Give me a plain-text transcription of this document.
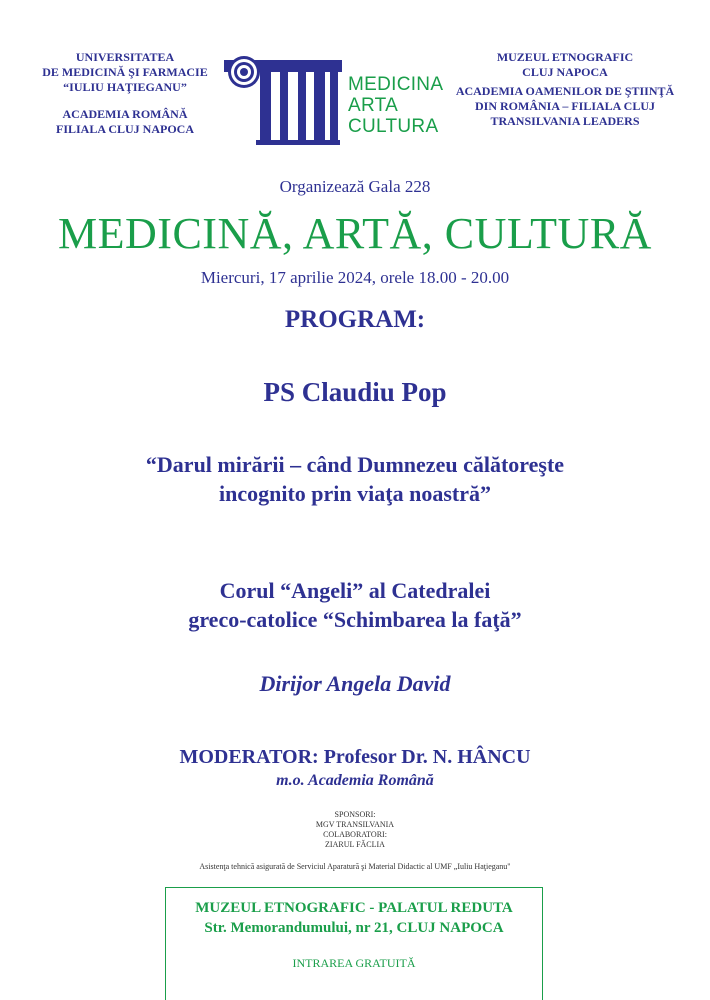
UNIVERSITATEA
DE MEDICINĂ ŞI FARMACIE
“IULIU HAŢIEGANU”
ACADEMIA ROMÂNĂ
FILIALA CLUJ NAPOCA
MEDICINA
ARTA
CULTURA
MUZEUL ETNOGRAFIC
CLUJ NAPOCA
ACADEMIA OAMENILOR DE ŞTIINŢĂ
DIN ROMÂNIA – FILIALA CLUJ
TRANSILVANIA LEADERS
Organizează Gala 228
MEDICINĂ, ARTĂ, CULTURĂ
Miercuri, 17 aprilie 2024, orele 18.00 - 20.00
PROGRAM:
PS Claudiu Pop
“Darul mirării – când Dumnezeu călătoreşte
incognito prin viaţa noastră”
Corul “Angeli” al Catedralei
greco-catolice “Schimbarea la faţă”
Dirijor Angela David
MODERATOR: Profesor Dr. N. HÂNCU
m.o. Academia Română
SPONSORI:
MGV TRANSILVANIA
COLABORATORI:
ZIARUL FĂCLIA
Asistenţa tehnică asigurată de Serviciul Aparatură şi Material Didactic al UMF „Iuliu Haţieganu"
MUZEUL ETNOGRAFIC - PALATUL REDUTA
Str. Memorandumului, nr 21, CLUJ NAPOCA
INTRAREA GRATUITĂ
